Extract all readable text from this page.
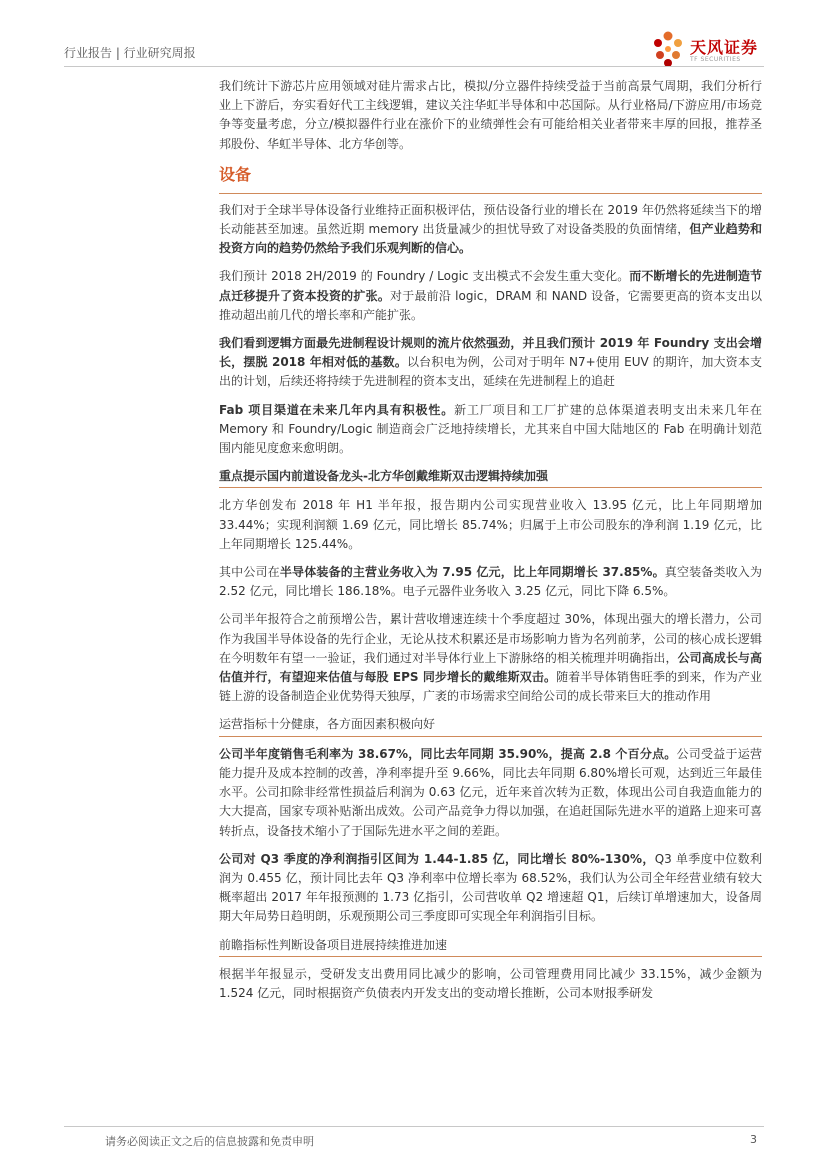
行业报告 | 行业研究周报	天风证券
TF SECURITIES

我们统计下游芯片应用领域对硅片需求占比，模拟/分立器件持续受益于当前高景气周期，我们分析行业上下游后，夯实看好代工主线逻辑，建议关注华虹半导体和中芯国际。从行业格局/下游应用/市场竞争等变量考虑，分立/模拟器件行业在涨价下的业绩弹性会有可能给相关业者带来丰厚的回报，推荐圣邦股份、华虹半导体、北方华创等。

设备

我们对于全球半导体设备行业维持正面积极评估，预估设备行业的增长在 2019 年仍然将延续当下的增长动能甚至加速。虽然近期 memory 出货量减少的担忧导致了对设备类股的负面情绪，但产业趋势和投资方向的趋势仍然给予我们乐观判断的信心。

我们预计 2018 2H/2019 的 Foundry / Logic 支出模式不会发生重大变化。而不断增长的先进制造节点迁移提升了资本投资的扩张。对于最前沿 logic，DRAM 和 NAND 设备，它需要更高的资本支出以推动超出前几代的增长率和产能扩张。

我们看到逻辑方面最先进制程设计规则的流片依然强劲，并且我们预计 2019 年 Foundry 支出会增长，摆脱 2018 年相对低的基数。以台积电为例，公司对于明年 N7+使用 EUV 的期许，加大资本支出的计划，后续还将持续于先进制程的资本支出，延续在先进制程上的追赶

Fab 项目渠道在未来几年内具有积极性。新工厂项目和工厂扩建的总体渠道表明支出未来几年在 Memory 和 Foundry/Logic 制造商会广泛地持续增长，尤其来自中国大陆地区的 Fab 在明确计划范围内能见度愈来愈明朗。

重点提示国内前道设备龙头-北方华创戴维斯双击逻辑持续加强

北方华创发布 2018 年 H1 半年报，报告期内公司实现营业收入 13.95 亿元，比上年同期增加 33.44%；实现利润额 1.69 亿元，同比增长 85.74%；归属于上市公司股东的净利润 1.19 亿元，比上年同期增长 125.44%。

其中公司在半导体装备的主营业务收入为 7.95 亿元，比上年同期增长 37.85%。真空装备类收入为 2.52 亿元，同比增长 186.18%。电子元器件业务收入 3.25 亿元，同比下降 6.5%。

公司半年报符合之前预增公告，累计营收增速连续十个季度超过 30%，体现出强大的增长潜力，公司作为我国半导体设备的先行企业，无论从技术积累还是市场影响力皆为名列前茅，公司的核心成长逻辑在今明数年有望一一验证，我们通过对半导体行业上下游脉络的相关梳理并明确指出，公司高成长与高估值并行，有望迎来估值与每股 EPS 同步增长的戴维斯双击。随着半导体销售旺季的到来，作为产业链上游的设备制造企业优势得天独厚，广袤的市场需求空间给公司的成长带来巨大的推动作用

运营指标十分健康，各方面因素积极向好

公司半年度销售毛利率为 38.67%，同比去年同期 35.90%，提高 2.8 个百分点。公司受益于运营能力提升及成本控制的改善，净利率提升至 9.66%，同比去年同期 6.80%增长可观，达到近三年最佳水平。公司扣除非经常性损益后利润为 0.63 亿元，近年来首次转为正数，体现出公司自我造血能力的大大提高，国家专项补贴渐出成效。公司产品竞争力得以加强，在追赶国际先进水平的道路上迎来可喜转折点，设备技术缩小了于国际先进水平之间的差距。

公司对 Q3 季度的净利润指引区间为 1.44-1.85 亿，同比增长 80%-130%，Q3 单季度中位数利润为 0.455 亿，预计同比去年 Q3 净利率中位增长率为 68.52%，我们认为公司全年经营业绩有较大概率超出 2017 年年报预测的 1.73 亿指引，公司营收单 Q2 增速超 Q1，后续订单增速加大，设备周期大年局势日趋明朗，乐观预期公司三季度即可实现全年利润指引目标。

前瞻指标性判断设备项目进展持续推进加速

根据半年报显示，受研发支出费用同比减少的影响，公司管理费用同比减少 33.15%，减少金额为 1.524 亿元，同时根据资产负债表内开发支出的变动增长推断，公司本财报季研发

请务必阅读正文之后的信息披露和免责申明	3
